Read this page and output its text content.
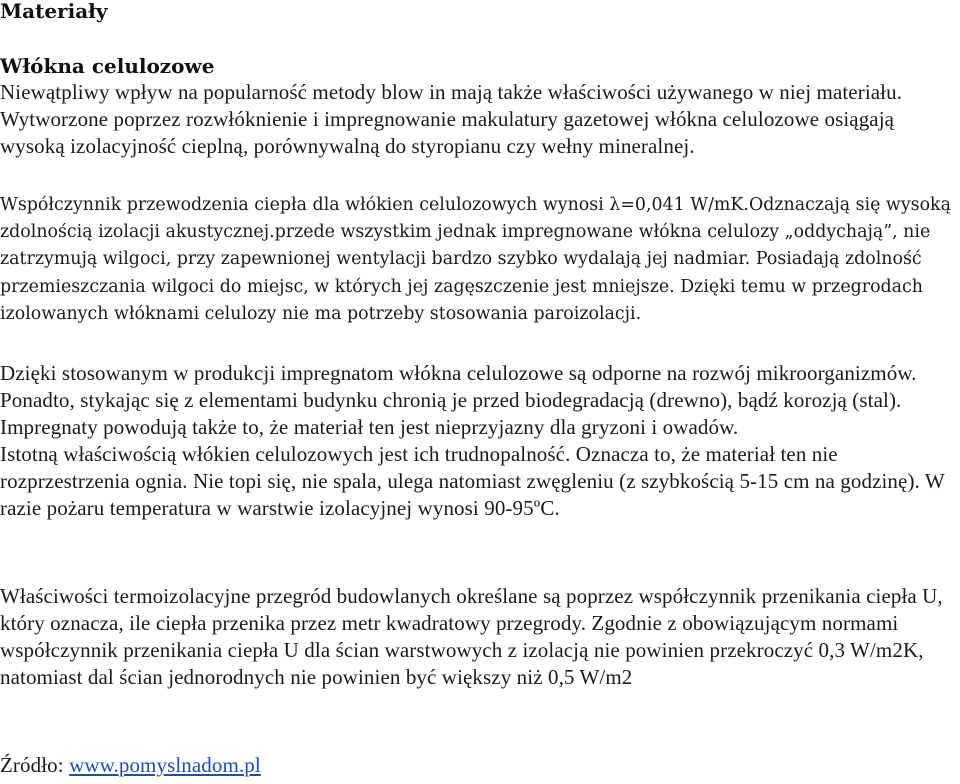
Materiały
Włókna celulozowe

Niewątpliwy wpływ na popularność metody blow in mają także właściwości używanego w niej materiału.

Wytworzone poprzez rozwłóknienie i impregnowanie makulatury gazetowej włókna celulozowe osiągają wysoką izolacyjność cieplną, porównywalną do styropianu czy wełny mineralnej.

Współczynnik przewodzenia ciepła dla włókien celulozowych wynosi λ=0,041 W/mK.Odznaczają się wysoką zdolnością izolacji akustycznej.przede wszystkim jednak impregnowane włókna celulozy „oddychają”, nie zatrzymują wilgoci, przy zapewnionej wentylacji bardzo szybko wydalają jej nadmiar. Posiadają zdolność przemieszczania wilgoci do miejsc, w których jej zagęszczenie jest mniejsze. Dzięki temu w przegrodach izolowanych włóknami celulozy nie ma potrzeby stosowania paroizolacji.

Dzięki stosowanym w produkcji impregnatom włókna celulozowe są odporne na rozwój mikroorganizmów. Ponadto, stykając się z elementami budynku chronią je przed biodegradacją (drewno), bądź korozją (stal). Impregnaty powodują także to, że materiał ten jest nieprzyjazny dla gryzoni i owadów.

Istotną właściwością włókien celulozowych jest ich trudnopalność. Oznacza to, że materiał ten nie rozprzestrzenia ognia. Nie topi się, nie spala, ulega natomiast zwęgleniu (z szybkością 5-15 cm na godzinę). W razie pożaru temperatura w warstwie izolacyjnej wynosi 90-95ºC.

Właściwości termoizolacyjne przegród budowlanych określane są poprzez współczynnik przenikania ciepła U, który oznacza, ile ciepła przenika przez metr kwadratowy przegrody. Zgodnie z obowiązującym normami współczynnik przenikania ciepła U dla ścian warstwowych z izolacją nie powinien przekroczyć 0,3 W/m2K, natomiast dal ścian jednorodnych nie powinien być większy niż 0,5 W/m2

Źródło: www.pomyslnadom.pl
